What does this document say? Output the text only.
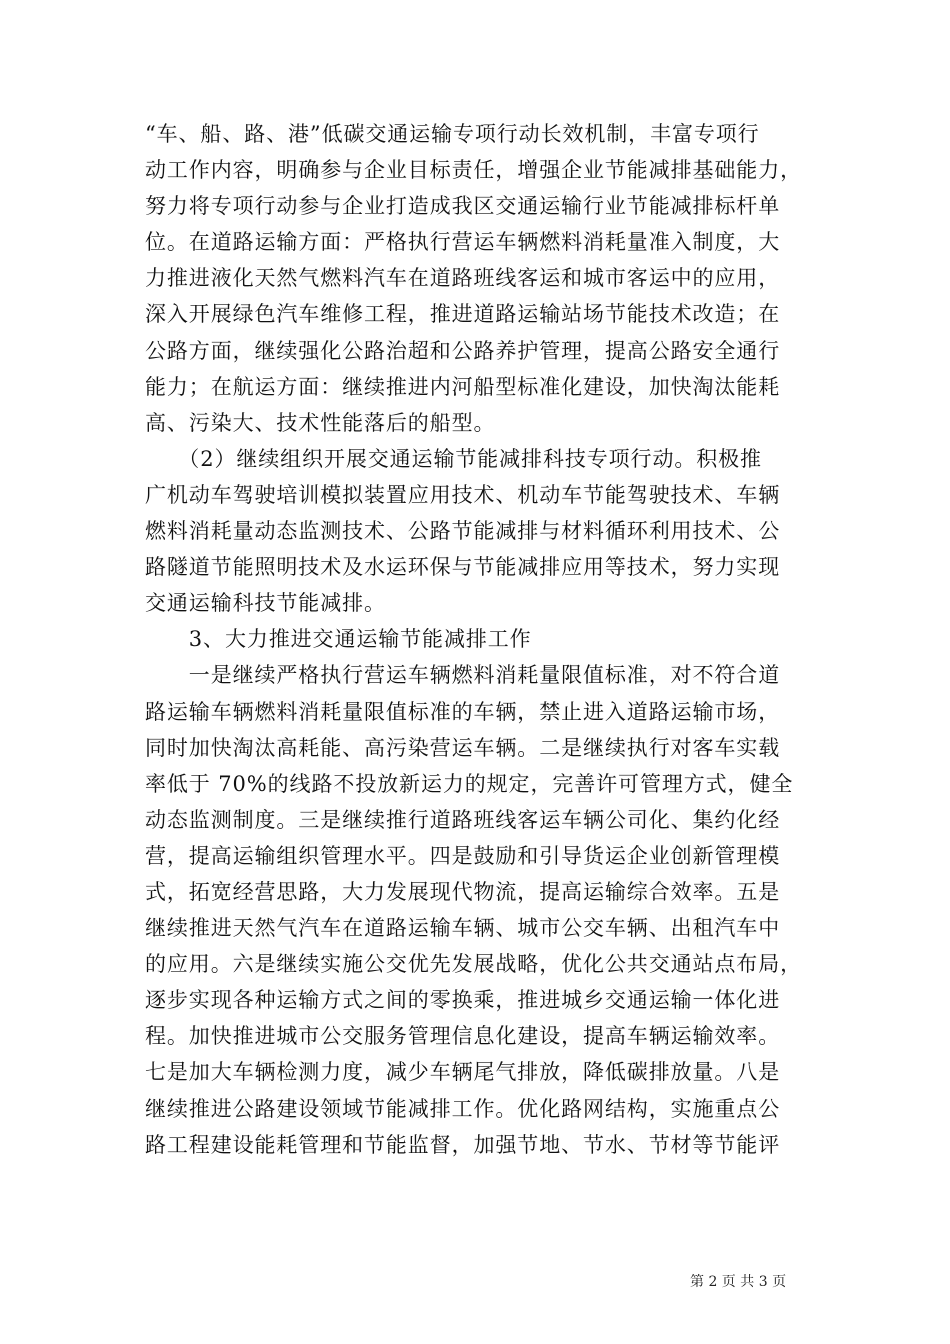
“车、船、路、港”低碳交通运输专项行动长效机制，丰富专项行
动工作内容，明确参与企业目标责任，增强企业节能减排基础能力，
努力将专项行动参与企业打造成我区交通运输行业节能减排标杆单
位。在道路运输方面：严格执行营运车辆燃料消耗量准入制度，大
力推进液化天然气燃料汽车在道路班线客运和城市客运中的应用，
深入开展绿色汽车维修工程，推进道路运输站场节能技术改造；在
公路方面，继续强化公路治超和公路养护管理，提高公路安全通行
能力；在航运方面：继续推进内河船型标准化建设，加快淘汰能耗
高、污染大、技术性能落后的船型。
　　（2）继续组织开展交通运输节能减排科技专项行动。积极推
广机动车驾驶培训模拟装置应用技术、机动车节能驾驶技术、车辆
燃料消耗量动态监测技术、公路节能减排与材料循环利用技术、公
路隧道节能照明技术及水运环保与节能减排应用等技术，努力实现
交通运输科技节能减排。
　　3、大力推进交通运输节能减排工作
　　一是继续严格执行营运车辆燃料消耗量限值标准，对不符合道
路运输车辆燃料消耗量限值标准的车辆，禁止进入道路运输市场，
同时加快淘汰高耗能、高污染营运车辆。二是继续执行对客车实载
率低于 70%的线路不投放新运力的规定，完善许可管理方式，健全
动态监测制度。三是继续推行道路班线客运车辆公司化、集约化经
营，提高运输组织管理水平。四是鼓励和引导货运企业创新管理模
式，拓宽经营思路，大力发展现代物流，提高运输综合效率。五是
继续推进天然气汽车在道路运输车辆、城市公交车辆、出租汽车中
的应用。六是继续实施公交优先发展战略，优化公共交通站点布局，
逐步实现各种运输方式之间的零换乘，推进城乡交通运输一体化进
程。加快推进城市公交服务管理信息化建设，提高车辆运输效率。
七是加大车辆检测力度，减少车辆尾气排放，降低碳排放量。八是
继续推进公路建设领域节能减排工作。优化路网结构，实施重点公
路工程建设能耗管理和节能监督，加强节地、节水、节材等节能评
第 2 页 共 3 页
